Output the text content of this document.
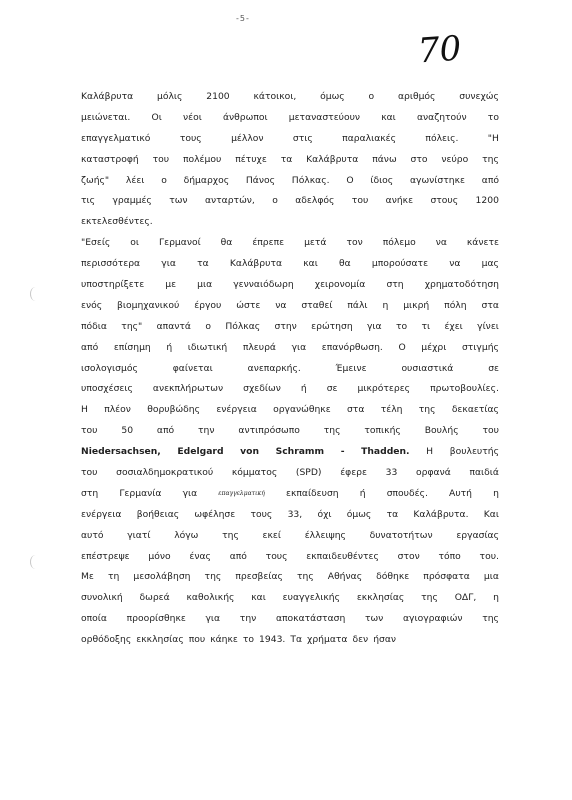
-5-
70
Καλάβρυτα	μόλις	2100	κάτοικοι,	όμως	ο	αριθμός	συνεχώς
μειώνεται. Οι νέοι άνθρωποι μεταναστεύουν και αναζητούν το
επαγγελματικό	τους	μέλλον	στις	παραλιακές	πόλεις.	"Η
καταστροφή του πολέμου πέτυχε τα Καλάβρυτα πάνω στο νεύρο της
ζωής" λέει ο δήμαρχος Πάνος Πόλκας. Ο ίδιος αγωνίστηκε από
τις γραμμές των ανταρτών, ο αδελφός του ανήκε στους 1200
εκτελεσθέντες.
"Εσείς οι Γερμανοί θα έπρεπε μετά τον πόλεμο να κάνετε
περισσότερα για τα Καλάβρυτα και θα μπορούσατε να μας
υποστηρίξετε με μια γενναιόδωρη χειρονομία στη χρηματοδότηση
ενός βιομηχανικού έργου ώστε να σταθεί πάλι η μικρή πόλη στα
πόδια της" απαντά ο Πόλκας στην ερώτηση για το τι έχει γίνει
από επίσημη ή ιδιωτική πλευρά για επανόρθωση. Ο μέχρι στιγμής
ισολογισμός	φαίνεται	ανεπαρκής.	Έμεινε	ουσιαστικά	σε
υποσχέσεις ανεκπλήρωτων σχεδίων ή σε μικρότερες πρωτοβουλίες.
Η πλέον θορυβώδης ενέργεια οργανώθηκε στα τέλη της δεκαετίας
του	50	από	την	αντιπρόσωπο	της	τοπικής	Βουλής	του
Niedersachsen, Edelgard von Schramm - Thadden. Η βουλευτής
του σοσιαλδημοκρατικού κόμματος (SPD) έφερε 33 ορφανά παιδιά
στη Γερμανία για	επαγγελματική εκπαίδευση ή σπουδές. Αυτή η
ενέργεια βοήθειας ωφέλησε τους 33, όχι όμως τα Καλάβρυτα. Και
αυτό	γιατί	λόγω	της	εκεί	έλλειψης	δυνατοτήτων	εργασίας
επέστρεψε μόνο ένας από τους εκπαιδευθέντες στον τόπο του.
Με τη μεσολάβηση της πρεσβείας της Αθήνας δόθηκε πρόσφατα μια
συνολική δωρεά καθολικής και ευαγγελικής εκκλησίας της ΟΔΓ, η
οποία προορίσθηκε για την αποκατάσταση των αγιογραφιών της
ορθόδοξης εκκλησίας που κάηκε το 1943. Τα χρήματα δεν ήσαν
